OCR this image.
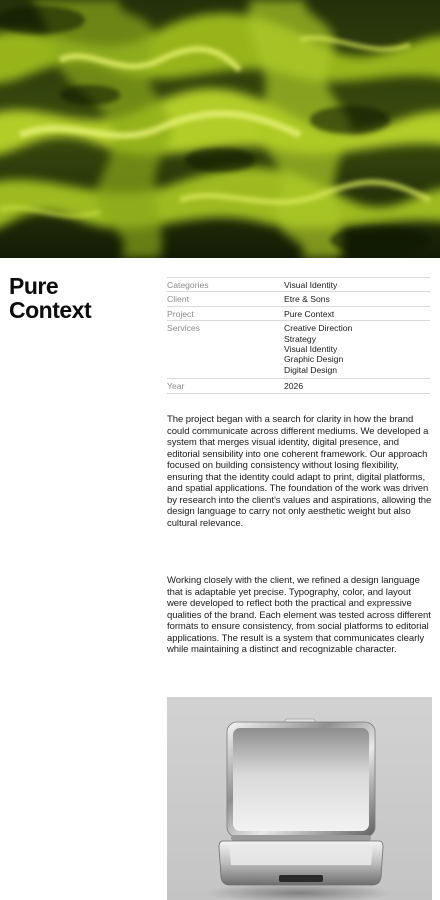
Pure
Context
Categories	Visual Identity
Client	Etre & Sons
Project	Pure Context
Services	Creative Direction
Strategy
Visual Identity
Graphic Design
Digital Design
Year	2026

The project began with a search for clarity in how the brand could communicate across different mediums. We developed a system that merges visual identity, digital presence, and editorial sensibility into one coherent framework. Our approach focused on building consistency without losing flexibility, ensuring that the identity could adapt to print, digital platforms, and spatial applications. The foundation of the work was driven by research into the client’s values and aspirations, allowing the design language to carry not only aesthetic weight but also cultural relevance.

Working closely with the client, we refined a design language that is adaptable yet precise. Typography, color, and layout were developed to reflect both the practical and expressive qualities of the brand. Each element was tested across different formats to ensure consistency, from social platforms to editorial applications. The result is a system that communicates clearly while maintaining a distinct and recognizable character.
